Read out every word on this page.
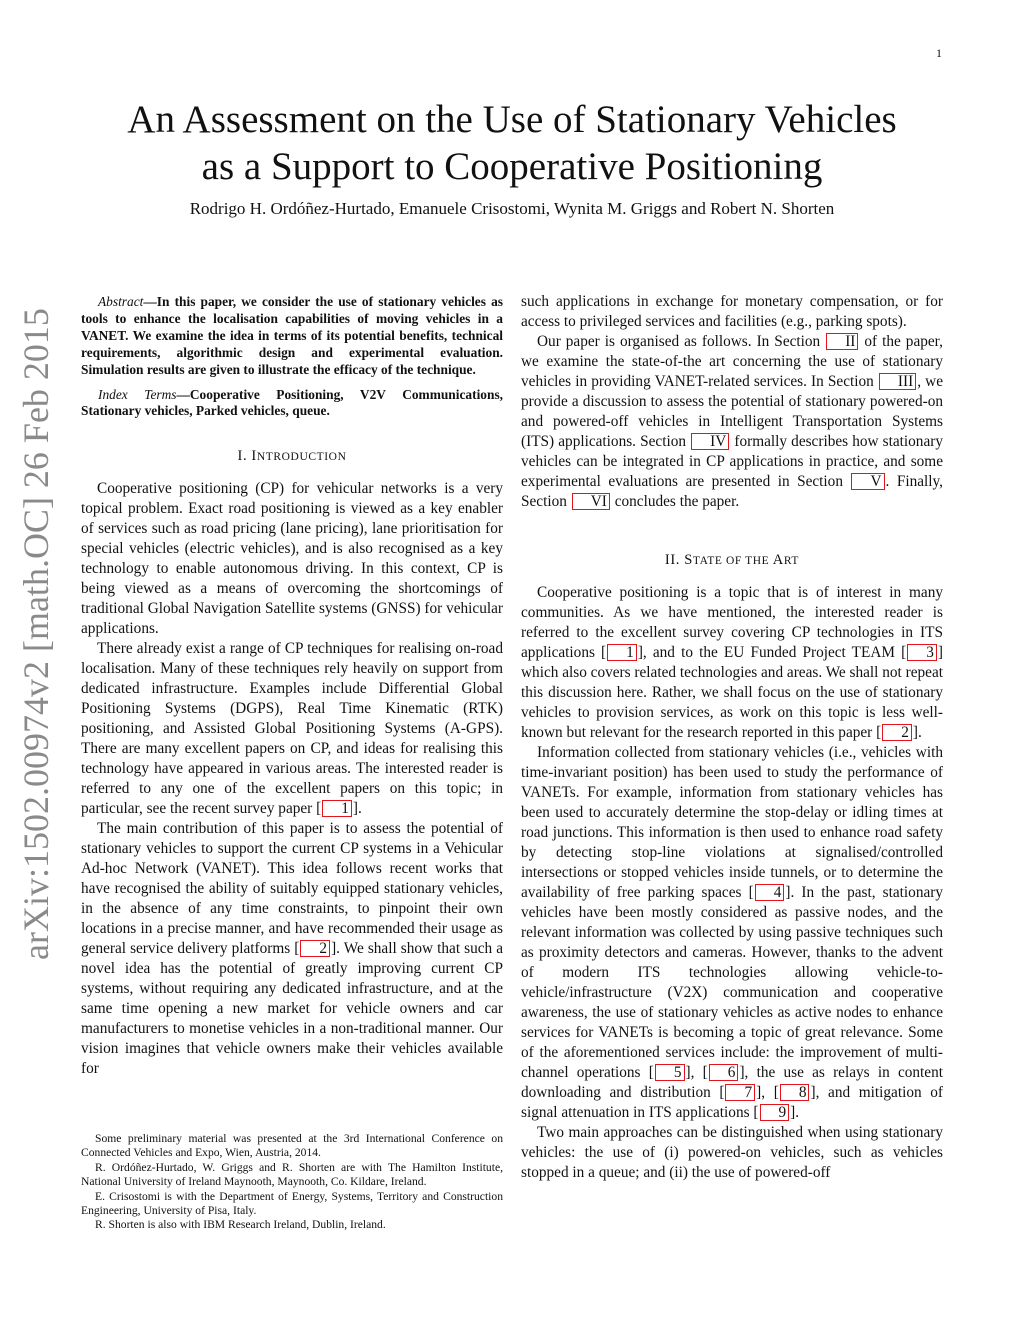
1
arXiv:1502.00974v2 [math.OC] 26 Feb 2015
An Assessment on the Use of Stationary Vehicles
as a Support to Cooperative Positioning
Rodrigo H. Ordóñez-Hurtado, Emanuele Crisostomi, Wynita M. Griggs and Robert N. Shorten

Abstract—In this paper, we consider the use of stationary vehicles as tools to enhance the localisation capabilities of moving vehicles in a VANET. We examine the idea in terms of its potential benefits, technical requirements, algorithmic design and experimental evaluation. Simulation results are given to illustrate the efficacy of the technique.

Index Terms—Cooperative Positioning, V2V Communications, Stationary vehicles, Parked vehicles, queue.

I. INTRODUCTION

Cooperative positioning (CP) for vehicular networks is a very topical problem. Exact road positioning is viewed as a key enabler of services such as road pricing (lane pricing), lane prioritisation for special vehicles (electric vehicles), and is also recognised as a key technology to enable autonomous driving. In this context, CP is being viewed as a means of overcoming the shortcomings of traditional Global Navigation Satellite systems (GNSS) for vehicular applications.

There already exist a range of CP techniques for realising on-road localisation. Many of these techniques rely heavily on support from dedicated infrastructure. Examples include Differential Global Positioning Systems (DGPS), Real Time Kinematic (RTK) positioning, and Assisted Global Positioning Systems (A-GPS). There are many excellent papers on CP, and ideas for realising this technology have appeared in various areas. The interested reader is referred to any one of the excellent papers on this topic; in particular, see the recent survey paper [ 1 ].

The main contribution of this paper is to assess the potential of stationary vehicles to support the current CP systems in a Vehicular Ad-hoc Network (VANET). This idea follows recent works that have recognised the ability of suitably equipped stationary vehicles, in the absence of any time constraints, to pinpoint their own locations in a precise manner, and have recommended their usage as general service delivery platforms [ 2 ]. We shall show that such a novel idea has the potential of greatly improving current CP systems, without requiring any dedicated infrastructure, and at the same time opening a new market for vehicle owners and car manufacturers to monetise vehicles in a non-traditional manner. Our vision imagines that vehicle owners make their vehicles available for

Some preliminary material was presented at the 3rd International Conference on Connected Vehicles and Expo, Wien, Austria, 2014.

R. Ordóñez-Hurtado, W. Griggs and R. Shorten are with The Hamilton Institute, National University of Ireland Maynooth, Maynooth, Co. Kildare, Ireland.

E. Crisostomi is with the Department of Energy, Systems, Territory and Construction Engineering, University of Pisa, Italy.

R. Shorten is also with IBM Research Ireland, Dublin, Ireland.

such applications in exchange for monetary compensation, or for access to privileged services and facilities (e.g., parking spots).

Our paper is organised as follows. In Section II of the paper, we examine the state-of-the art concerning the use of stationary vehicles in providing VANET-related services. In Section III , we provide a discussion to assess the potential of stationary powered-on and powered-off vehicles in Intelligent Transportation Systems (ITS) applications. Section IV formally describes how stationary vehicles can be integrated in CP applications in practice, and some experimental evaluations are presented in Section V . Finally, Section VI concludes the paper.

II. STATE OF THE ART

Cooperative positioning is a topic that is of interest in many communities. As we have mentioned, the interested reader is referred to the excellent survey covering CP technologies in ITS applications [ 1 ], and to the EU Funded Project TEAM [ 3 ] which also covers related technologies and areas. We shall not repeat this discussion here. Rather, we shall focus on the use of stationary vehicles to provision services, as work on this topic is less well-known but relevant for the research reported in this paper [ 2 ].

Information collected from stationary vehicles (i.e., vehicles with time-invariant position) has been used to study the performance of VANETs. For example, information from stationary vehicles has been used to accurately determine the stop-delay or idling times at road junctions. This information is then used to enhance road safety by detecting stop-line violations at signalised/controlled intersections or stopped vehicles inside tunnels, or to determine the availability of free parking spaces [ 4 ]. In the past, stationary vehicles have been mostly considered as passive nodes, and the relevant information was collected by using passive techniques such as proximity detectors and cameras. However, thanks to the advent of modern ITS technologies allowing vehicle-to-vehicle/infrastructure (V2X) communication and cooperative awareness, the use of stationary vehicles as active nodes to enhance services for VANETs is becoming a topic of great relevance. Some of the aforementioned services include: the improvement of multi-channel operations [ 5 ], [ 6 ], the use as relays in content downloading and distribution [ 7 ], [ 8 ], and mitigation of signal attenuation in ITS applications [ 9 ].

Two main approaches can be distinguished when using stationary vehicles: the use of (i) powered-on vehicles, such as vehicles stopped in a queue; and (ii) the use of powered-off
